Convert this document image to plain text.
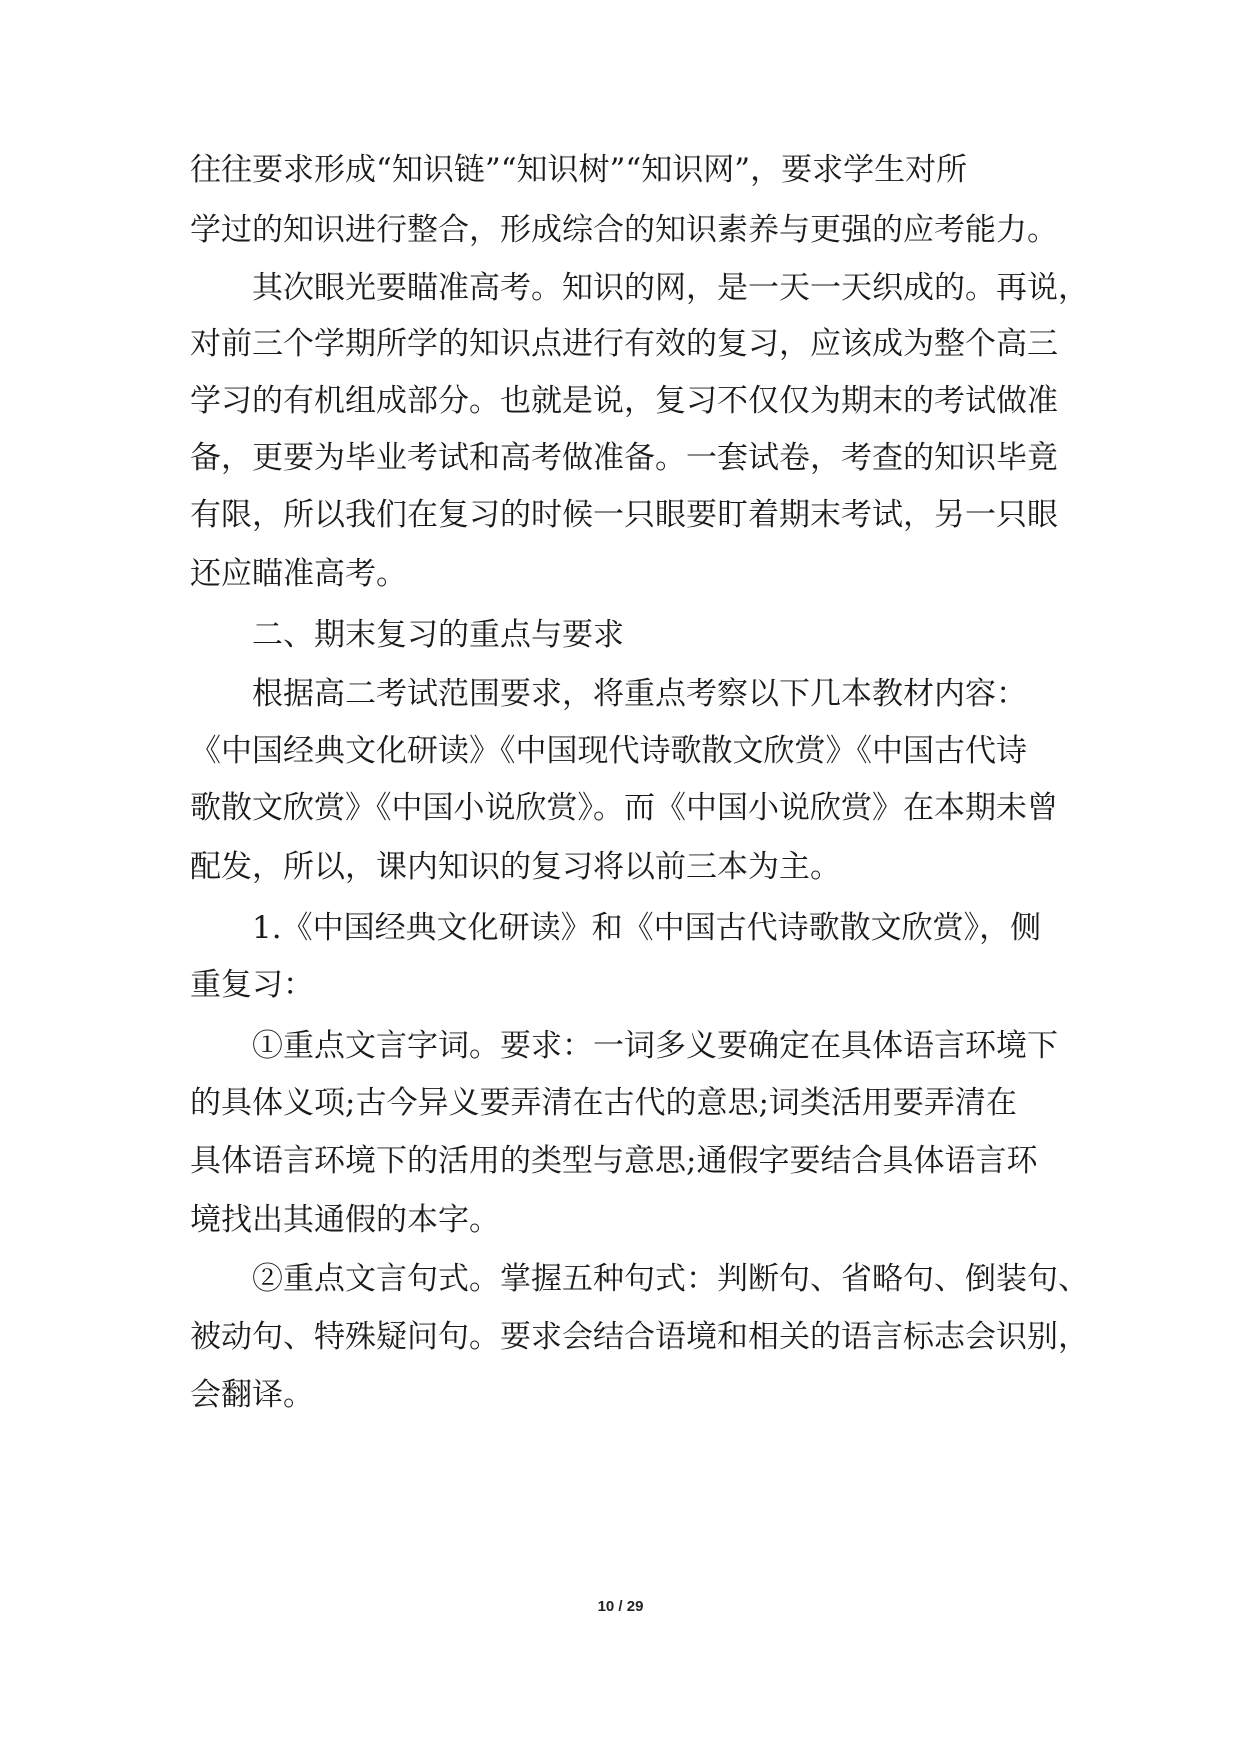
往往要求形成“知识链”“知识树”“知识网”，要求学生对所
学过的知识进行整合，形成综合的知识素养与更强的应考能力。
其次眼光要瞄准高考。知识的网，是一天一天织成的。再说，
对前三个学期所学的知识点进行有效的复习，应该成为整个高三
学习的有机组成部分。也就是说，复习不仅仅为期末的考试做准
备，更要为毕业考试和高考做准备。一套试卷，考查的知识毕竟
有限，所以我们在复习的时候一只眼要盯着期末考试，另一只眼
还应瞄准高考。
二、期末复习的重点与要求
根据高二考试范围要求，将重点考察以下几本教材内容：
《中国经典文化研读》《中国现代诗歌散文欣赏》《中国古代诗
歌散文欣赏》《中国小说欣赏》。而《中国小说欣赏》在本期未曾
配发，所以，课内知识的复习将以前三本为主。
1.《中国经典文化研读》和《中国古代诗歌散文欣赏》，侧
重复习：
①重点文言字词。要求：一词多义要确定在具体语言环境下
的具体义项;古今异义要弄清在古代的意思;词类活用要弄清在
具体语言环境下的活用的类型与意思;通假字要结合具体语言环
境找出其通假的本字。
②重点文言句式。掌握五种句式：判断句、省略句、倒装句、
被动句、特殊疑问句。要求会结合语境和相关的语言标志会识别，
会翻译。
10 / 29
